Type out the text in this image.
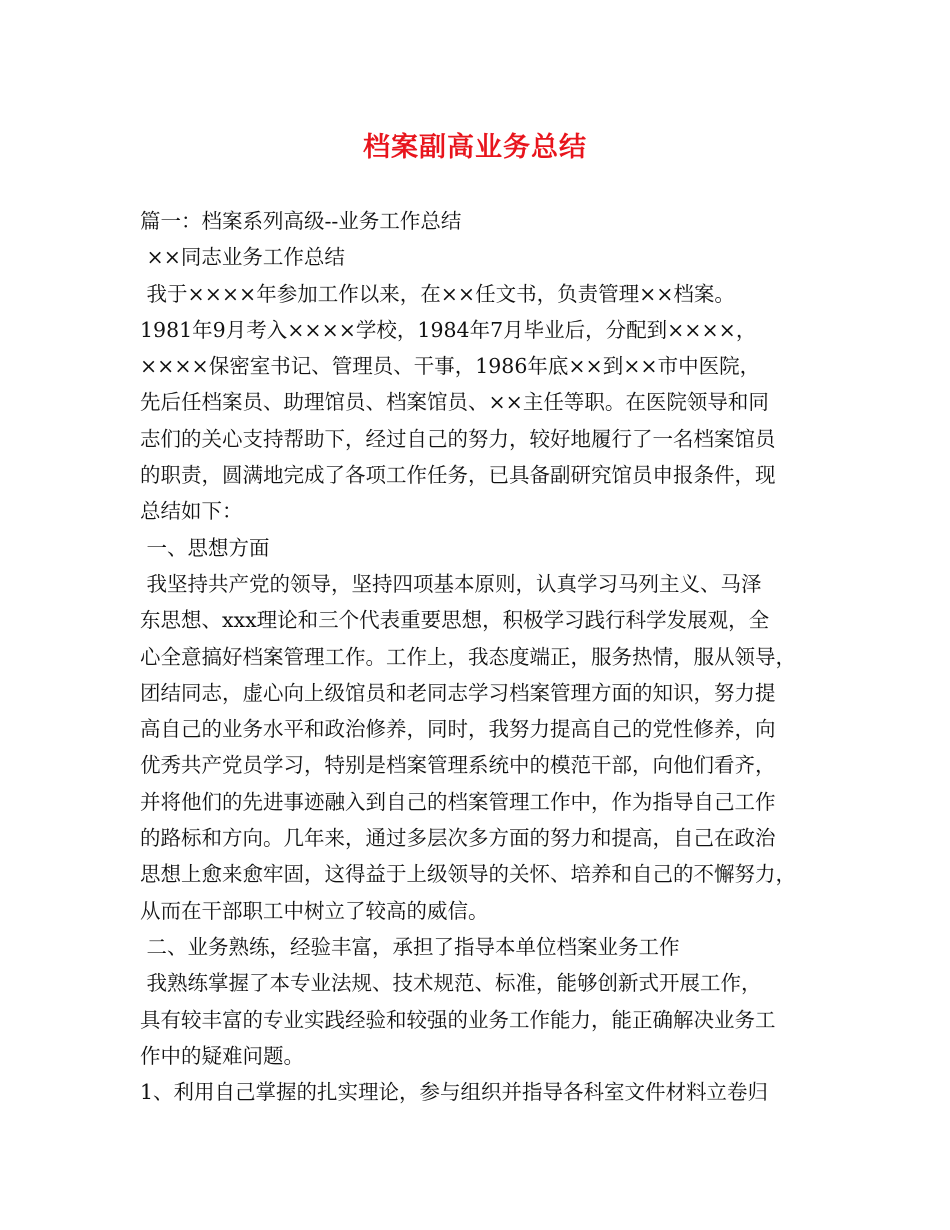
档案副高业务总结
篇一：档案系列高级--业务工作总结
××同志业务工作总结
我于××××年参加工作以来，在××任文书，负责管理××档案。
1981年9月考入××××学校，1984年7月毕业后，分配到××××，
××××保密室书记、管理员、干事，1986年底××到××市中医院，
先后任档案员、助理馆员、档案馆员、××主任等职。在医院领导和同
志们的关心支持帮助下，经过自己的努力，较好地履行了一名档案馆员
的职责，圆满地完成了各项工作任务，已具备副研究馆员申报条件，现
总结如下：
一、思想方面
我坚持共产党的领导，坚持四项基本原则，认真学习马列主义、马泽
东思想、xxx理论和三个代表重要思想，积极学习践行科学发展观，全
心全意搞好档案管理工作。工作上，我态度端正，服务热情，服从领导，
团结同志，虚心向上级馆员和老同志学习档案管理方面的知识，努力提
高自己的业务水平和政治修养，同时，我努力提高自己的党性修养，向
优秀共产党员学习，特别是档案管理系统中的模范干部，向他们看齐，
并将他们的先进事迹融入到自己的档案管理工作中，作为指导自己工作
的路标和方向。几年来，通过多层次多方面的努力和提高，自己在政治
思想上愈来愈牢固，这得益于上级领导的关怀、培养和自己的不懈努力，
从而在干部职工中树立了较高的威信。
二、业务熟练，经验丰富，承担了指导本单位档案业务工作
我熟练掌握了本专业法规、技术规范、标准，能够创新式开展工作，
具有较丰富的专业实践经验和较强的业务工作能力，能正确解决业务工
作中的疑难问题。
1、利用自己掌握的扎实理论，参与组织并指导各科室文件材料立卷归
